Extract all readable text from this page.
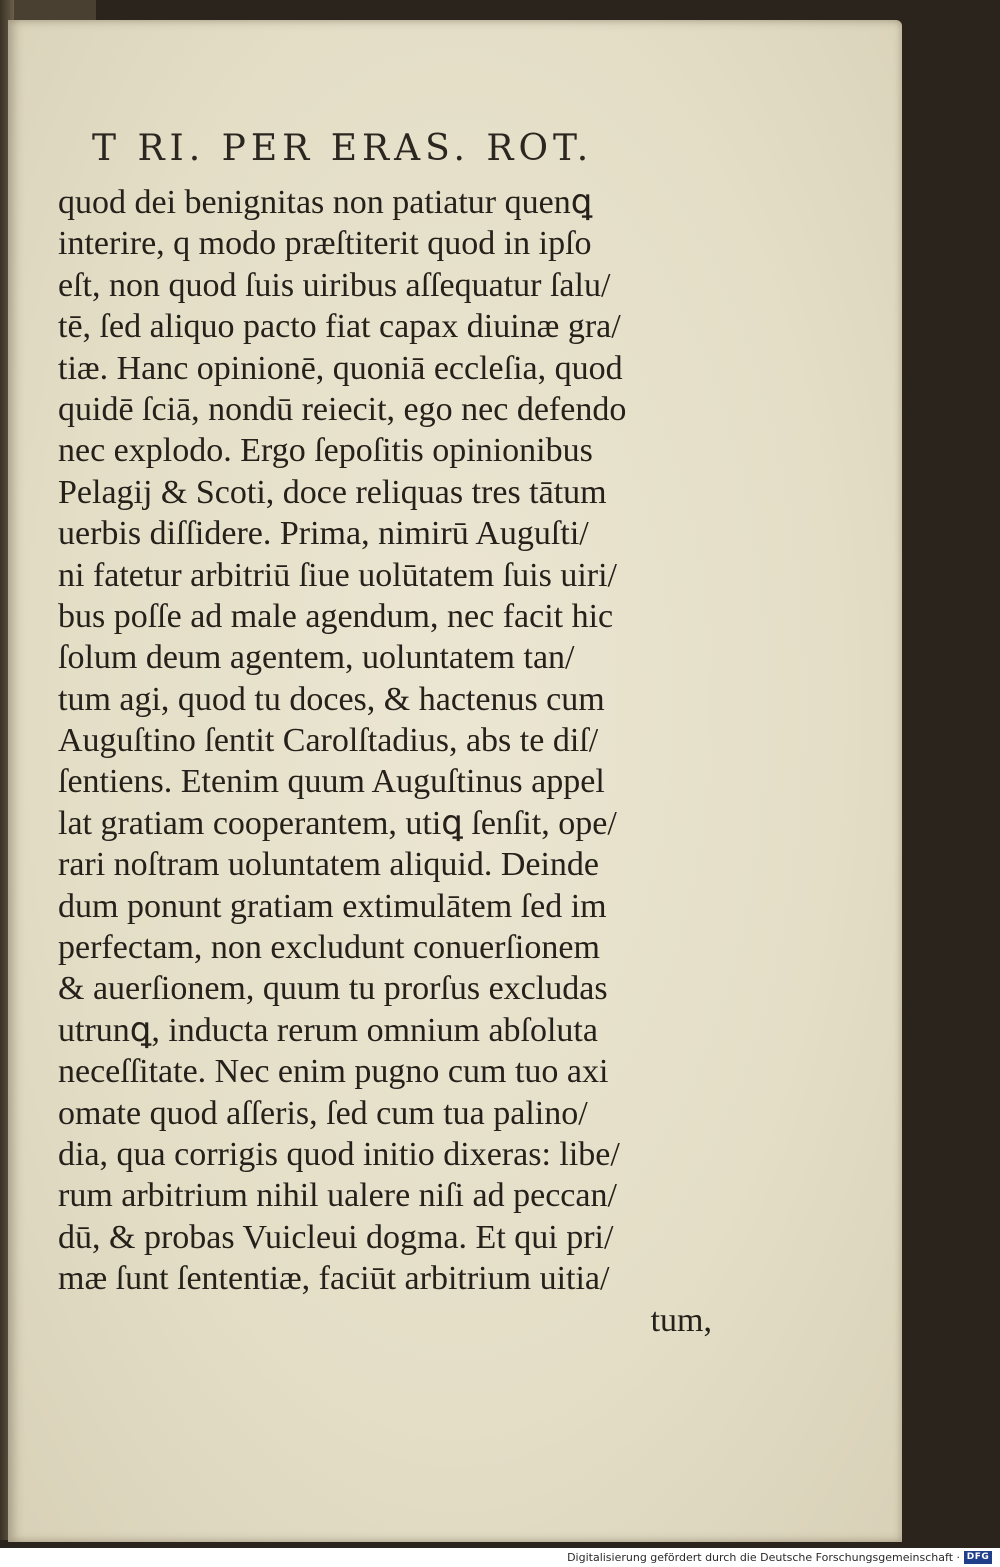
T RI. PER ERAS. ROT.
quod dei benignitas non patiatur quenꝗ
interire, q modo præſtiterit quod in ipſo
eſt, non quod ſuis uiribus aſſequatur ſalu/
tē, ſed aliquo pacto fiat capax diuinæ gra/
tiæ. Hanc opinionē, quoniā eccleſia, quod
quidē ſciā, nondū reiecit, ego nec defendo
nec explodo. Ergo ſepoſitis opinionibus
Pelagij & Scoti, doce reliquas tres tātum
uerbis diſſidere. Prima, nimirū Auguſti/
ni fatetur arbitriū ſiue uolūtatem ſuis uiri/
bus poſſe ad male agendum, nec facit hic
ſolum deum agentem, uoluntatem tan/
tum agi, quod tu doces, & hactenus cum
Auguſtino ſentit Carolſtadius, abs te diſ/
ſentiens. Etenim quum Auguſtinus appel
lat gratiam cooperantem, utiꝗ ſenſit, ope/
rari noſtram uoluntatem aliquid. Deinde
dum ponunt gratiam extimulātem ſed im
perfectam, non excludunt conuerſionem
& auerſionem, quum tu prorſus excludas
utrunꝗ, inducta rerum omnium abſoluta
neceſſitate. Nec enim pugno cum tuo axi
omate quod aſſeris, ſed cum tua palino/
dia, qua corrigis quod initio dixeras: libe/
rum arbitrium nihil ualere niſi ad peccan/
dū, & probas Vuicleui dogma. Et qui pri/
mæ ſunt ſententiæ, faciūt arbitrium uitia/
tum,
Digitalisierung gefördert durch die Deutsche Forschungsgemeinschaft · DFG
